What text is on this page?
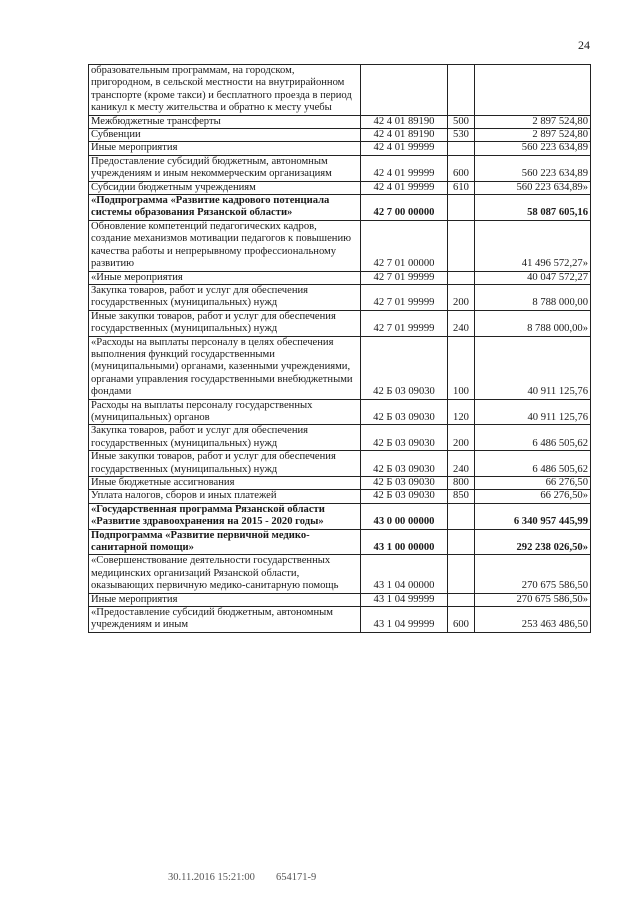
24
образовательным программам, на городском, пригородном, в сельской местности на внутрирайонном транспорте (кроме такси) и бесплатного проезда в период каникул к месту жительства и обратно к месту учебы			
Межбюджетные трансферты	42 4 01 89190	500	2 897 524,80
Субвенции	42 4 01 89190	530	2 897 524,80
Иные мероприятия	42 4 01 99999		560 223 634,89
Предоставление субсидий бюджетным, автономным учреждениям и иным некоммерческим организациям	42 4 01 99999	600	560 223 634,89
Субсидии бюджетным учреждениям	42 4 01 99999	610	560 223 634,89»
«Подпрограмма «Развитие кадрового потенциала системы образования Рязанской области»	42 7 00 00000		58 087 605,16
Обновление компетенций педагогических кадров, создание механизмов мотивации педагогов к повышению качества работы и непрерывному профессиональному развитию	42 7 01 00000		41 496 572,27»
«Иные мероприятия	42 7 01 99999		40 047 572,27
Закупка товаров, работ и услуг для обеспечения государственных (муниципальных) нужд	42 7 01 99999	200	8 788 000,00
Иные закупки товаров, работ и услуг для обеспечения государственных (муниципальных) нужд	42 7 01 99999	240	8 788 000,00»
«Расходы на выплаты персоналу в целях обеспечения выполнения функций государственными (муниципальными) органами, казенными учреждениями, органами управления государственными внебюджетными фондами	42 Б 03 09030	100	40 911 125,76
Расходы на выплаты персоналу государственных (муниципальных) органов	42 Б 03 09030	120	40 911 125,76
Закупка товаров, работ и услуг для обеспечения государственных (муниципальных) нужд	42 Б 03 09030	200	6 486 505,62
Иные закупки товаров, работ и услуг для обеспечения государственных (муниципальных) нужд	42 Б 03 09030	240	6 486 505,62
Иные бюджетные ассигнования	42 Б 03 09030	800	66 276,50
Уплата налогов, сборов и иных платежей	42 Б 03 09030	850	66 276,50»
«Государственная программа Рязанской области «Развитие здравоохранения на 2015 - 2020 годы»	43 0 00 00000		6 340 957 445,99
Подпрограмма «Развитие первичной медико-санитарной помощи»	43 1 00 00000		292 238 026,50»
«Совершенствование деятельности государственных медицинских организаций Рязанской области, оказывающих первичную медико-санитарную помощь	43 1 04 00000		270 675 586,50
Иные мероприятия	43 1 04 99999		270 675 586,50»
«Предоставление субсидий бюджетным, автономным учреждениям и иным	43 1 04 99999	600	253 463 486,50
30.11.2016 15:21:00 654171-9
